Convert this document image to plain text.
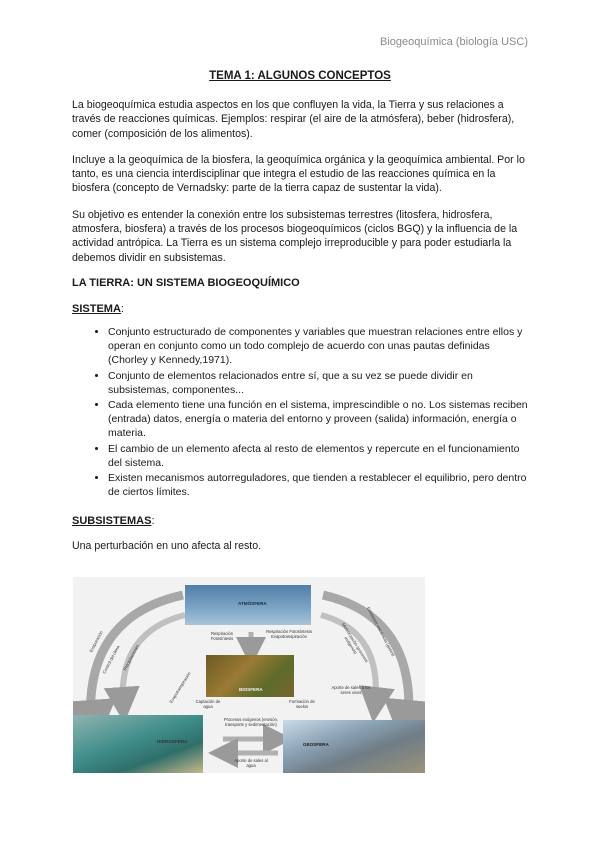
Biogeoquímica (biología USC)
TEMA 1: ALGUNOS CONCEPTOS

La biogeoquímica estudia aspectos en los que confluyen la vida, la Tierra y sus relaciones a través de reacciones químicas. Ejemplos: respirar (el aire de la atmósfera), beber (hidrosfera), comer (composición de los alimentos).

Incluye a la geoquímica de la biosfera, la geoquímica orgánica y la geoquímica ambiental. Por lo tanto, es una ciencia interdisciplinar que integra el estudio de las reacciones química en la biosfera (concepto de Vernadsky: parte de la tierra capaz de sustentar la vida).

Su objetivo es entender la conexión entre los subsistemas terrestres (litosfera, hidrosfera, atmosfera, biosfera) a través de los procesos biogeoquímicos (ciclos BGQ) y la influencia de la actividad antrópica. La Tierra es un sistema complejo irreproducible y para poder estudiarla la debemos dividir en subsistemas.

LA TIERRA: UN SISTEMA BIOGEOQUÍMICO
SISTEMA:
• Conjunto estructurado de componentes y variables que muestran relaciones entre ellos y operan en conjunto como un todo complejo de acuerdo con unas pautas definidas (Chorley y Kennedy,1971).
• Conjunto de elementos relacionados entre sí, que a su vez se puede dividir en subsistemas, componentes...
• Cada elemento tiene una función en el sistema, imprescindible o no. Los sistemas reciben (entrada) datos, energía o materia del entorno y proveen (salida) información, energía o materia.
• El cambio de un elemento afecta al resto de elementos y repercute en el funcionamiento del sistema.
• Existen mecanismos autorreguladores, que tienden a restablecer el equilibrio, pero dentro de ciertos límites.
SUBSISTEMAS:

Una perturbación en uno afecta al resto.

ATMÓSFERA
BIOSFERA
HIDROSFERA
GEOSFERA
Respiración Fotosíntesis
Respiración Fotosíntesis Evapotranspiración
Captación de agua
Formación de suelos
Aporte de sales a los seres vivos
Procesos exógenos (erosión, transporte y sedimentación)
Aporte de sales al agua
Evaporación
Control del clima Precipitaciones
Evapotranspiración
Emisiones volcánicas (gases)
Meteorización (procesos exógenos)
